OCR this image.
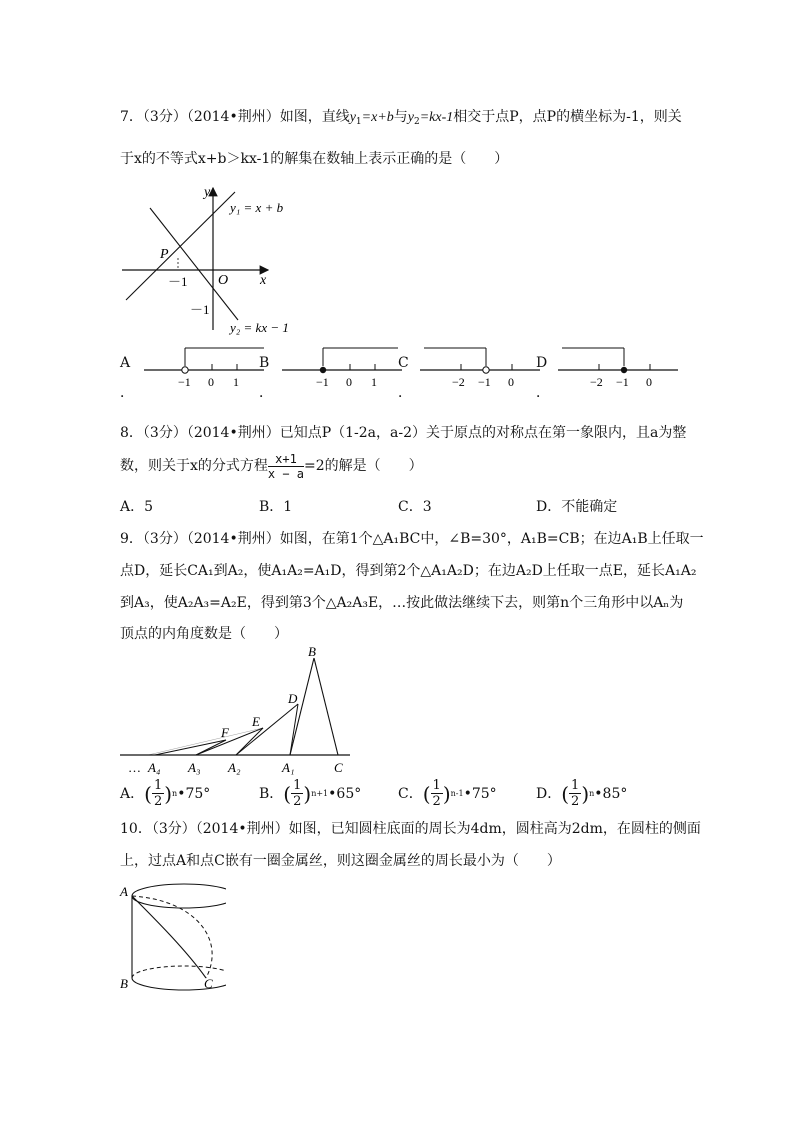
7．（3分）（2014•荆州）如图，直线$y_1=x+b$与$y_2=kx-1$相交于点P，点P的横坐标为-1，则关
于x的不等式x+b＞kx-1的解集在数轴上表示正确的是（　　）
y
x
O
P
－1
－1
y₁ = x + b
y₂ = kx − 1
A
．
−1 0 1
B
．
−1 0 1
C
．
−2 −1 0
D
．
−2 −1 0
8．（3分）（2014•荆州）已知点P（1-2a，a-2）关于原点的对称点在第一象限内，且a为整
数，则关于x的分式方程 $\frac{x+1}{x - a} =2$的解是（　　）
A．5	B．1	C．3	D．不能确定
9．（3分）（2014•荆州）如图，在第1个△A₁BC中，∠B=30°，A₁B=CB；在边A₁B上任取一
点D，延长CA₁到A₂，使A₁A₂=A₁D，得到第2个△A₁A₂D；在边A₂D上任取一点E，延长A₁A₂
到A₃，使A₂A₃=A₂E，得到第3个△A₂A₃E，…按此做法继续下去，则第n个三角形中以Aₙ为
顶点的内角度数是（　　）
B
D
E
F
… A₄ A₃ A₂	A₁	C
A． ( $\frac{1}{2}$ ) n •75°	B． ( $\frac{1}{2}$ ) n+1 •65°	C． ( $\frac{1}{2}$ ) n-1 •75°	D． ( $\frac{1}{2}$ ) n •85°
10．（3分）（2014•荆州）如图，已知圆柱底面的周长为4dm，圆柱高为2dm，在圆柱的侧面
上，过点A和点C嵌有一圈金属丝，则这圈金属丝的周长最小为（　　）
A
B	C
